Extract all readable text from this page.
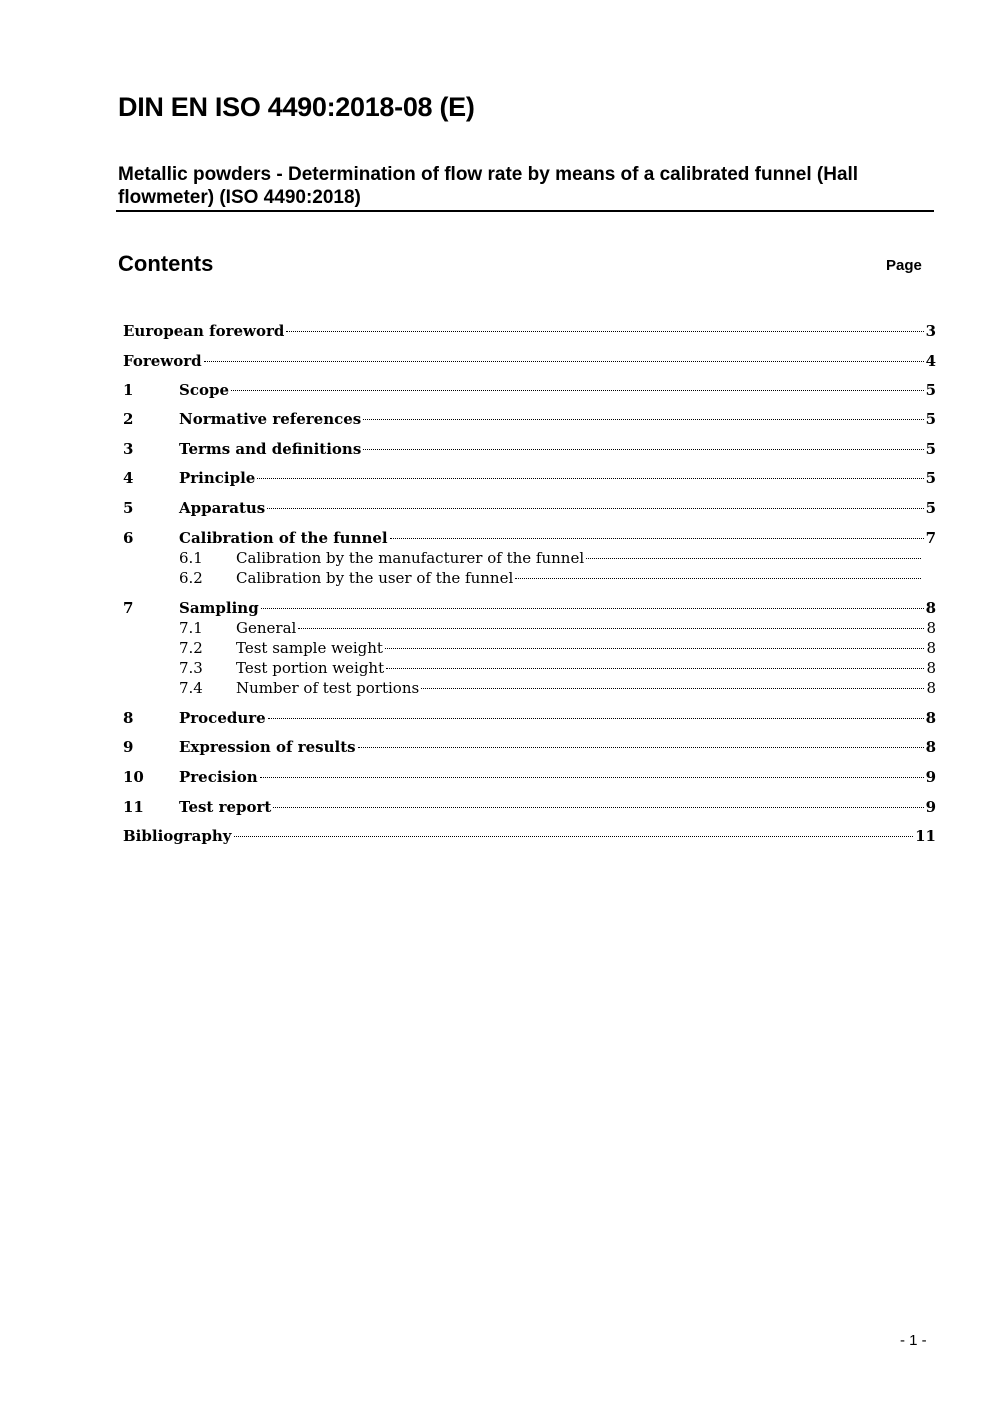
DIN EN ISO 4490:2018-08 (E)
Metallic powders - Determination of flow rate by means of a calibrated funnel (Hall flowmeter) (ISO 4490:2018)
Contents	Page
European foreword	3
Foreword	4
1	Scope	5
2	Normative references	5
3	Terms and definitions	5
4	Principle	5
5	Apparatus	5
6	Calibration of the funnel	7
6.1	Calibration by the manufacturer of the funnel
6.2	Calibration by the user of the funnel
7	Sampling	8
7.1	General	8
7.2	Test sample weight	8
7.3	Test portion weight	8
7.4	Number of test portions	8
8	Procedure	8
9	Expression of results	8
10	Precision	9
11	Test report	9
Bibliography	11
- 1 -
